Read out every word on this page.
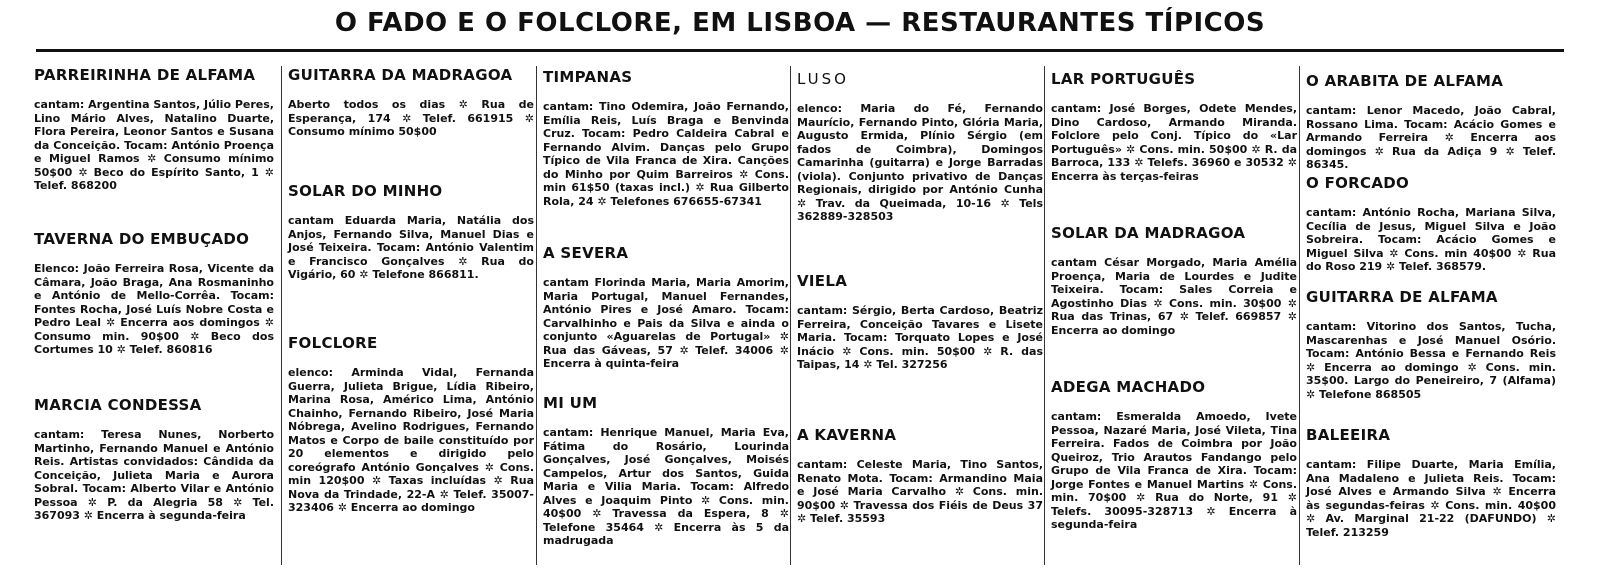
O FADO E O FOLCLORE, EM LISBOA — RESTAURANTES TÍPICOS
PARREIRINHA DE ALFAMA

cantam: Argentina Santos, Júlio Peres, Lino Mário Alves, Natalino Duarte, Flora Pereira, Leonor Santos e Susana da Conceição. Tocam: António Proença e Miguel Ramos ✲ Consumo mínimo 50$00 ✲ Beco do Espírito Santo, 1 ✲ Telef. 868200

TAVERNA DO EMBUÇADO

Elenco: João Ferreira Rosa, Vicente da Câmara, João Braga, Ana Rosmaninho e António de Mello-Corrêa. Tocam: Fontes Rocha, José Luís Nobre Costa e Pedro Leal ✲ Encerra aos domingos ✲ Consumo min. 90$00 ✲ Beco dos Cortumes 10 ✲ Telef. 860816

MARCIA CONDESSA

cantam: Teresa Nunes, Norberto Martinho, Fernando Manuel e António Reis. Artistas convidados: Cândida da Conceição, Julieta Maria e Aurora Sobral. Tocam: Alberto Vilar e António Pessoa ✲ P. da Alegria 58 ✲ Tel. 367093 ✲ Encerra à segunda-feira

GUITARRA DA MADRAGOA

Aberto todos os dias ✲ Rua de Esperança, 174 ✲ Telef. 661915 ✲ Consumo mínimo 50$00

SOLAR DO MINHO

cantam Eduarda Maria, Natália dos Anjos, Fernando Silva, Manuel Dias e José Teixeira. Tocam: António Valentim e Francisco Gonçalves ✲ Rua do Vigário, 60 ✲ Telefone 866811.

FOLCLORE

elenco: Arminda Vidal, Fernanda Guerra, Julieta Brigue, Lídia Ribeiro, Marina Rosa, Américo Lima, António Chainho, Fernando Ribeiro, José Maria Nóbrega, Avelino Rodrigues, Fernando Matos e Corpo de baile constituído por 20 elementos e dirigido pelo coreógrafo António Gonçalves ✲ Cons. min 120$00 ✲ Taxas incluídas ✲ Rua Nova da Trindade, 22-A ✲ Telef. 35007-323406 ✲ Encerra ao domingo

TIMPANAS

cantam: Tino Odemira, João Fernando, Emília Reis, Luís Braga e Benvinda Cruz. Tocam: Pedro Caldeira Cabral e Fernando Alvim. Danças pelo Grupo Típico de Vila Franca de Xira. Canções do Minho por Quim Barreiros ✲ Cons. min 61$50 (taxas incl.) ✲ Rua Gilberto Rola, 24 ✲ Telefones 676655-67341

A SEVERA

cantam Florinda Maria, Maria Amorim, Maria Portugal, Manuel Fernandes, António Pires e José Amaro. Tocam: Carvalhinho e Pais da Silva e ainda o conjunto «Aguarelas de Portugal» ✲ Rua das Gáveas, 57 ✲ Telef. 34006 ✲ Encerra à quinta-feira

MI UM

cantam: Henrique Manuel, Maria Eva, Fátima do Rosário, Lourinda Gonçalves, José Gonçalves, Moisés Campelos, Artur dos Santos, Guida Maria e Vilia Maria. Tocam: Alfredo Alves e Joaquim Pinto ✲ Cons. min. 40$00 ✲ Travessa da Espera, 8 ✲ Telefone 35464 ✲ Encerra às 5 da madrugada

LUSO

elenco: Maria do Fé, Fernando Maurício, Fernando Pinto, Glória Maria, Augusto Ermida, Plínio Sérgio (em fados de Coimbra), Domingos Camarinha (guitarra) e Jorge Barradas (viola). Conjunto privativo de Danças Regionais, dirigido por António Cunha ✲ Trav. da Queimada, 10-16 ✲ Tels 362889-328503

VIELA

cantam: Sérgio, Berta Cardoso, Beatriz Ferreira, Conceição Tavares e Lisete Maria. Tocam: Torquato Lopes e José Inácio ✲ Cons. min. 50$00 ✲ R. das Taipas, 14 ✲ Tel. 327256

A KAVERNA

cantam: Celeste Maria, Tino Santos, Renato Mota. Tocam: Armandino Maia e José Maria Carvalho ✲ Cons. min. 90$00 ✲ Travessa dos Fiéis de Deus 37 ✲ Telef. 35593

LAR PORTUGUÊS

cantam: José Borges, Odete Mendes, Dino Cardoso, Armando Miranda. Folclore pelo Conj. Típico do «Lar Português» ✲ Cons. min. 50$00 ✲ R. da Barroca, 133 ✲ Telefs. 36960 e 30532 ✲ Encerra às terças-feiras

SOLAR DA MADRAGOA

cantam César Morgado, Maria Amélia Proença, Maria de Lourdes e Judite Teixeira. Tocam: Sales Correia e Agostinho Dias ✲ Cons. min. 30$00 ✲ Rua das Trinas, 67 ✲ Telef. 669857 ✲ Encerra ao domingo

ADEGA MACHADO

cantam: Esmeralda Amoedo, Ivete Pessoa, Nazaré Maria, José Vileta, Tina Ferreira. Fados de Coimbra por João Queiroz, Trio Arautos Fandango pelo Grupo de Vila Franca de Xira. Tocam: Jorge Fontes e Manuel Martins ✲ Cons. min. 70$00 ✲ Rua do Norte, 91 ✲ Telefs. 30095-328713 ✲ Encerra à segunda-feira

O ARABITA DE ALFAMA

cantam: Lenor Macedo, João Cabral, Rossano Lima. Tocam: Acácio Gomes e Armando Ferreira ✲ Encerra aos domingos ✲ Rua da Adiça 9 ✲ Telef. 86345.

O FORCADO

cantam: António Rocha, Mariana Silva, Cecília de Jesus, Miguel Silva e João Sobreira. Tocam: Acácio Gomes e Miguel Silva ✲ Cons. min 40$00 ✲ Rua do Roso 219 ✲ Telef. 368579.

GUITARRA DE ALFAMA

cantam: Vitorino dos Santos, Tucha, Mascarenhas e José Manuel Osório. Tocam: António Bessa e Fernando Reis ✲ Encerra ao domingo ✲ Cons. min. 35$00. Largo do Peneireiro, 7 (Alfama) ✲ Telefone 868505

BALEEIRA

cantam: Filipe Duarte, Maria Emília, Ana Madaleno e Julieta Reis. Tocam: José Alves e Armando Silva ✲ Encerra às segundas-feiras ✲ Cons. min. 40$00 ✲ Av. Marginal 21-22 (DAFUNDO) ✲ Telef. 213259
